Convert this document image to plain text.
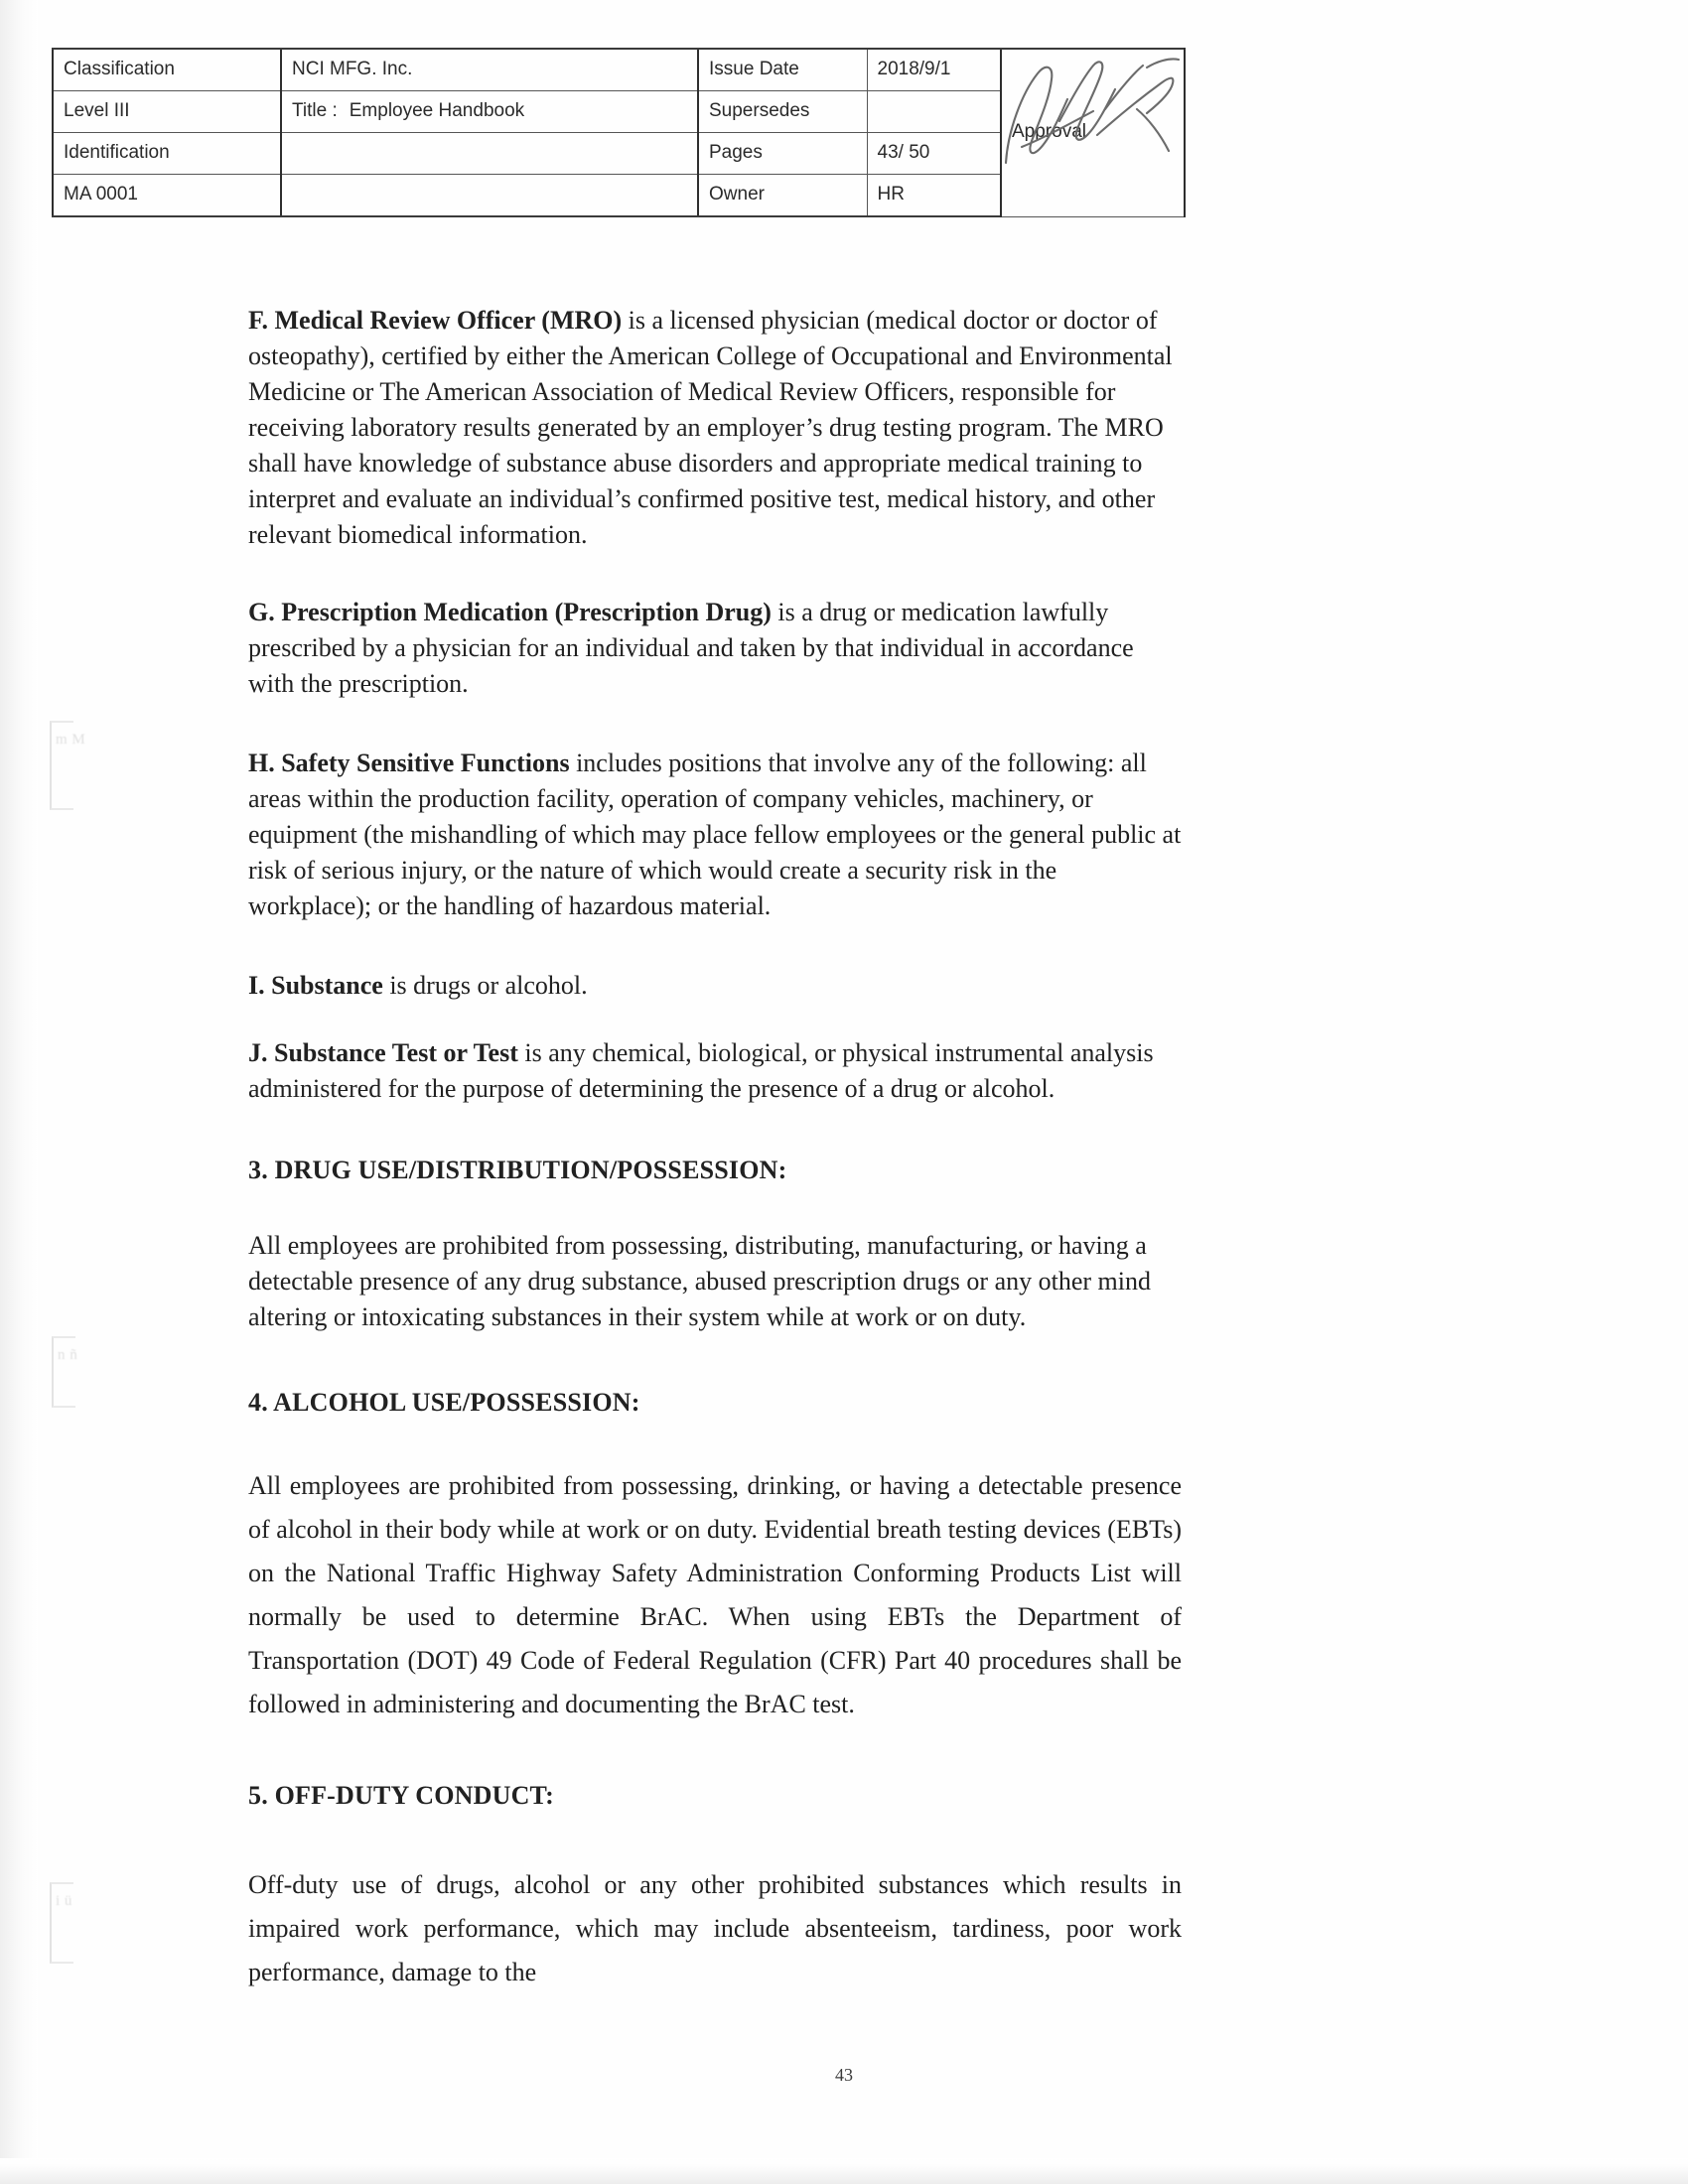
m M
n ñ
i ü
Classification	NCI MFG. Inc.	Issue Date	2018/9/1	Approval

Level III	Title : Employee Handbook	Supersedes		
Identification		Pages	43/ 50	
MA 0001		Owner	HR	

F. Medical Review Officer (MRO) is a licensed physician (medical doctor or doctor of osteopathy), certified by either the American College of Occupational and Environmental Medicine or The American Association of Medical Review Officers, responsible for receiving laboratory results generated by an employer’s drug testing program. The MRO shall have knowledge of substance abuse disorders and appropriate medical training to interpret and evaluate an individual’s confirmed positive test, medical history, and other relevant biomedical information.

G. Prescription Medication (Prescription Drug) is a drug or medication lawfully prescribed by a physician for an individual and taken by that individual in accordance with the prescription.

H. Safety Sensitive Functions includes positions that involve any of the following: all areas within the production facility, operation of company vehicles, machinery, or equipment (the mishandling of which may place fellow employees or the general public at risk of serious injury, or the nature of which would create a security risk in the workplace); or the handling of hazardous material.

I. Substance is drugs or alcohol.

J. Substance Test or Test is any chemical, biological, or physical instrumental analysis administered for the purpose of determining the presence of a drug or alcohol.

3. DRUG USE/DISTRIBUTION/POSSESSION:

All employees are prohibited from possessing, distributing, manufacturing, or having a detectable presence of any drug substance, abused prescription drugs or any other mind altering or intoxicating substances in their system while at work or on duty.

4. ALCOHOL USE/POSSESSION:

All employees are prohibited from possessing, drinking, or having a detectable presence of alcohol in their body while at work or on duty. Evidential breath testing devices (EBTs) on the National Traffic Highway Safety Administration Conforming Products List will normally be used to determine BrAC. When using EBTs the Department of Transportation (DOT) 49 Code of Federal Regulation (CFR) Part 40 procedures shall be followed in administering and documenting the BrAC test.

5. OFF-DUTY CONDUCT:

Off-duty use of drugs, alcohol or any other prohibited substances which results in impaired work performance, which may include absenteeism, tardiness, poor work performance, damage to the

43
